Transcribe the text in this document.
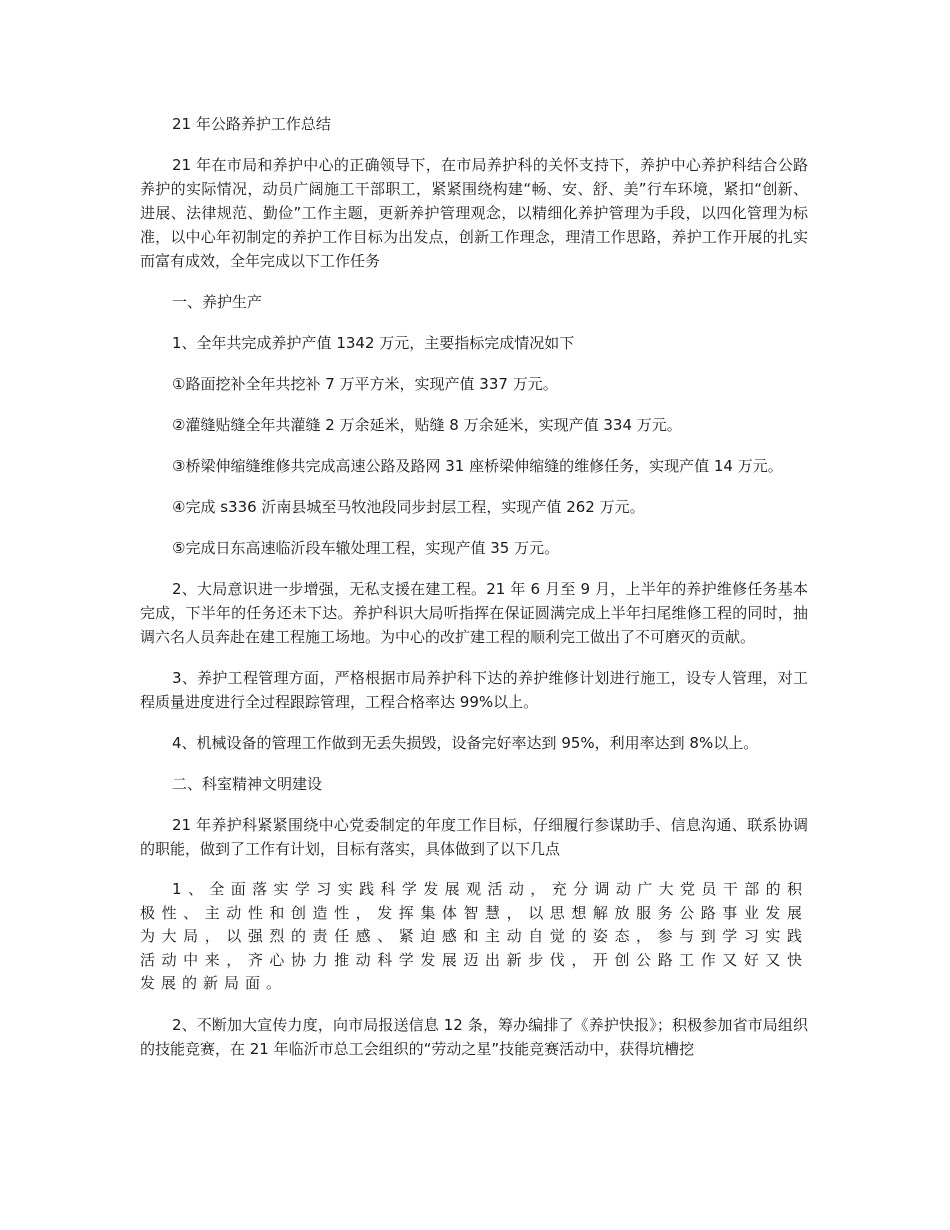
21 年公路养护工作总结

21 年在市局和养护中心的正确领导下，在市局养护科的关怀支持下，养护中心养护科结合公路养护的实际情况，动员广阔施工干部职工，紧紧围绕构建“畅、安、舒、美”行车环境，紧扣“创新、进展、法律规范、勤俭”工作主题，更新养护管理观念，以精细化养护管理为手段，以四化管理为标准，以中心年初制定的养护工作目标为出发点，创新工作理念，理清工作思路，养护工作开展的扎实而富有成效，全年完成以下工作任务

一、养护生产

1、全年共完成养护产值 1342 万元，主要指标完成情况如下

①路面挖补全年共挖补 7 万平方米，实现产值 337 万元。

②灌缝贴缝全年共灌缝 2 万余延米，贴缝 8 万余延米，实现产值 334 万元。

③桥梁伸缩缝维修共完成高速公路及路网 31 座桥梁伸缩缝的维修任务，实现产值 14 万元。

④完成 s336 沂南县城至马牧池段同步封层工程，实现产值 262 万元。

⑤完成日东高速临沂段车辙处理工程，实现产值 35 万元。

2、大局意识进一步增强，无私支援在建工程。21 年 6 月至 9 月，上半年的养护维修任务基本完成，下半年的任务还未下达。养护科识大局听指挥在保证圆满完成上半年扫尾维修工程的同时，抽调六名人员奔赴在建工程施工场地。为中心的改扩建工程的顺利完工做出了不可磨灭的贡献。

3、养护工程管理方面，严格根据市局养护科下达的养护维修计划进行施工，设专人管理，对工程质量进度进行全过程跟踪管理，工程合格率达 99%以上。

4、机械设备的管理工作做到无丢失损毁，设备完好率达到 95%，利用率达到 8%以上。

二、科室精神文明建设

21 年养护科紧紧围绕中心党委制定的年度工作目标，仔细履行参谋助手、信息沟通、联系协调的职能，做到了工作有计划，目标有落实，具体做到了以下几点

1、全面落实学习实践科学发展观活动，充分调动广大党员干部的积极性、主动性和创造性，发挥集体智慧，以思想解放服务公路事业发展为大局，以强烈的责任感、紧迫感和主动自觉的姿态，参与到学习实践活动中来，齐心协力推动科学发展迈出新步伐，开创公路工作又好又快发展的新局面。

2、不断加大宣传力度，向市局报送信息 12 条，筹办编排了《养护快报》；积极参加省市局组织的技能竞赛，在 21 年临沂市总工会组织的“劳动之星”技能竞赛活动中，获得坑槽挖
